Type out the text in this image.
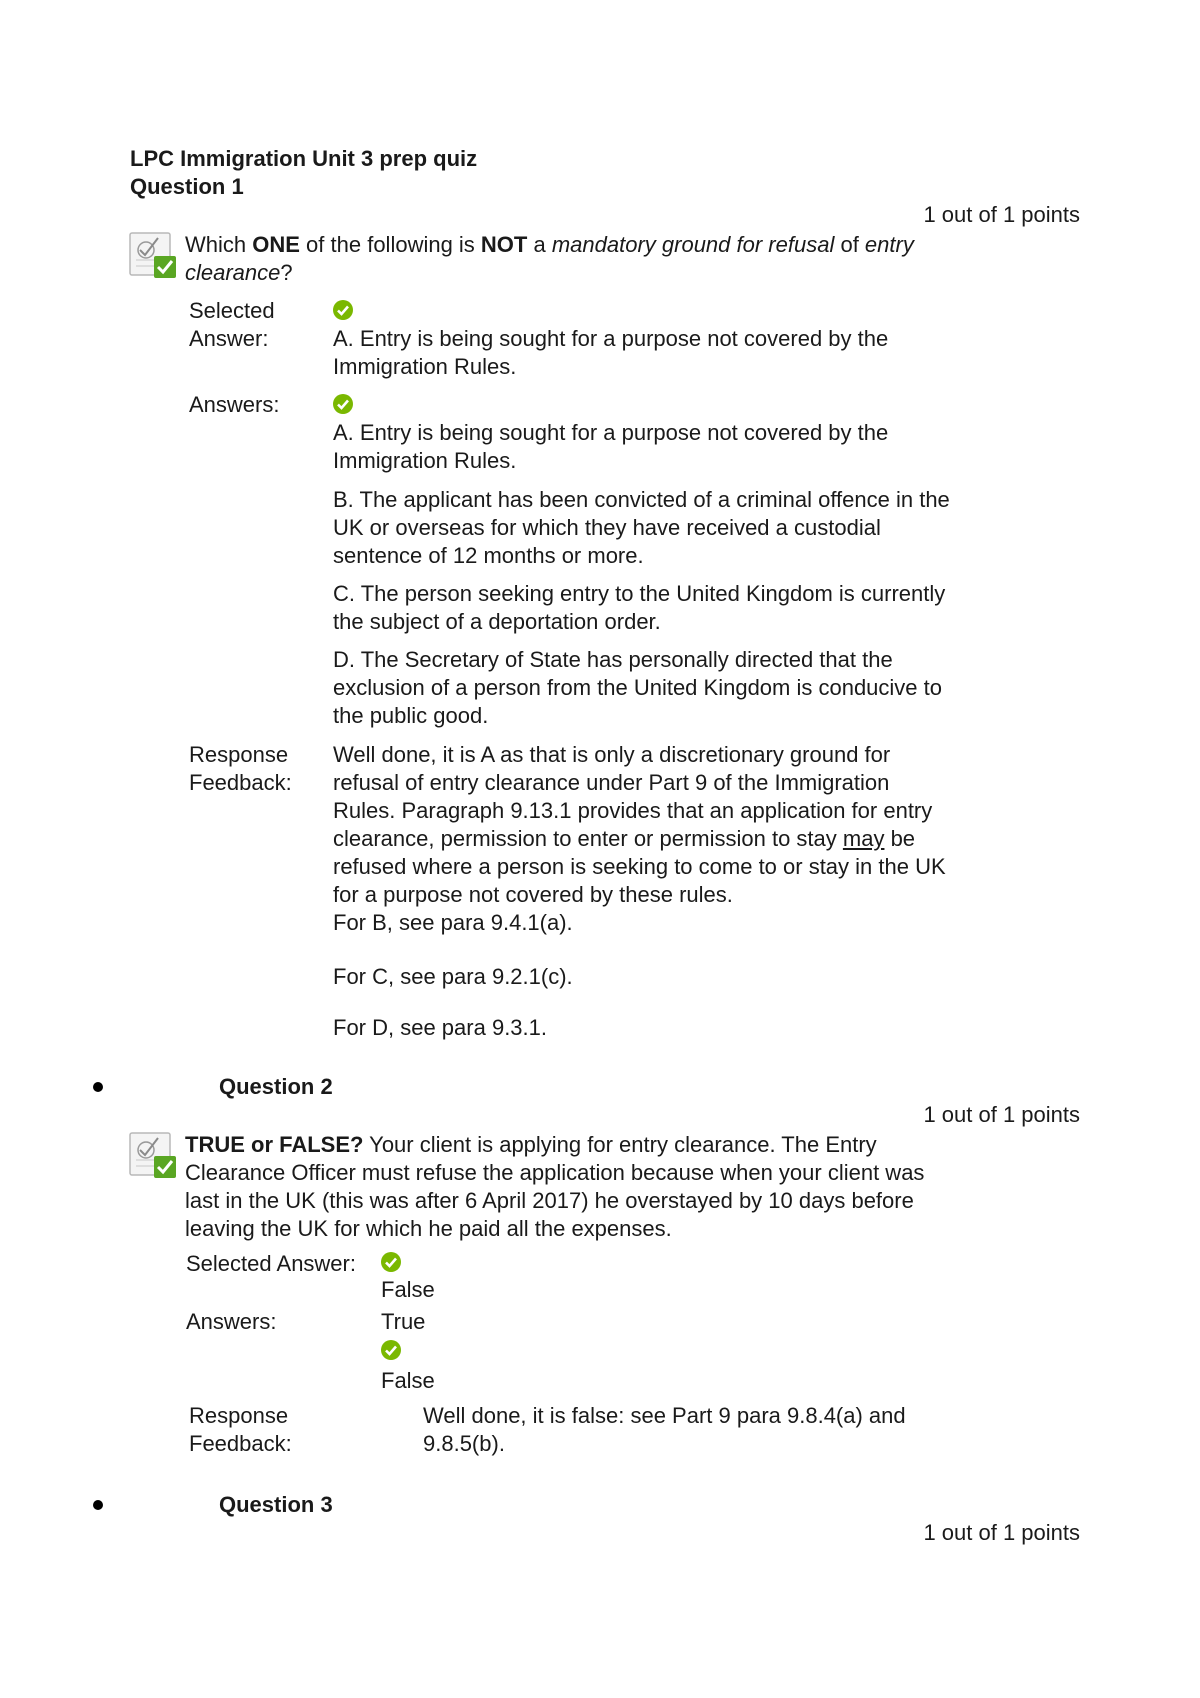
LPC Immigration Unit 3 prep quiz
Question 1
1 out of 1 points
Which ONE of the following is NOT a mandatory ground for refusal of entry
clearance?
Selected
Answer:	A. Entry is being sought for a purpose not covered by the
Immigration Rules.
Answers:
A. Entry is being sought for a purpose not covered by the
Immigration Rules.
B. The applicant has been convicted of a criminal offence in the
UK or overseas for which they have received a custodial
sentence of 12 months or more.
C. The person seeking entry to the United Kingdom is currently
the subject of a deportation order.
D. The Secretary of State has personally directed that the
exclusion of a person from the United Kingdom is conducive to
the public good.
Response
Feedback:
Well done, it is A as that is only a discretionary ground for
refusal of entry clearance under Part 9 of the Immigration
Rules. Paragraph 9.13.1 provides that an application for entry
clearance, permission to enter or permission to stay may be
refused where a person is seeking to come to or stay in the UK
for a purpose not covered by these rules.
For B, see para 9.4.1(a).
For C, see para 9.2.1(c).
For D, see para 9.3.1.
Question 2
1 out of 1 points
TRUE or FALSE? Your client is applying for entry clearance. The Entry
Clearance Officer must refuse the application because when your client was
last in the UK (this was after 6 April 2017) he overstayed by 10 days before
leaving the UK for which he paid all the expenses.
Selected Answer:
False
Answers:	True
False
Response
Feedback:
Well done, it is false: see Part 9 para 9.8.4(a) and
9.8.5(b).
Question 3
1 out of 1 points
